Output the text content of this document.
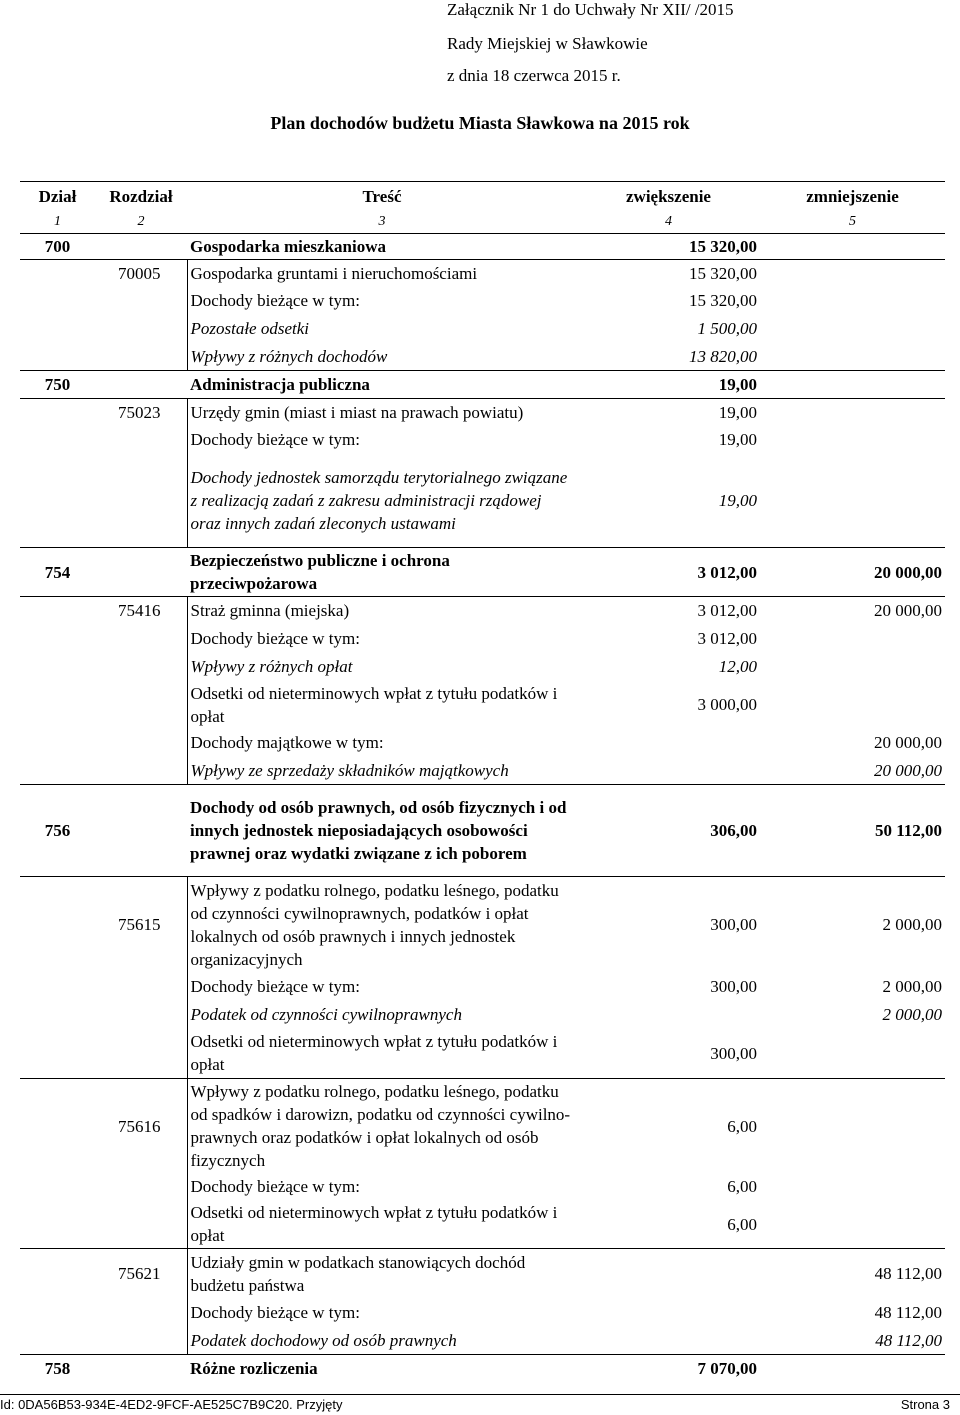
Załącznik Nr 1 do Uchwały Nr XII/ /2015
Rady Miejskiej w Sławkowie
z dnia 18 czerwca 2015 r.
Plan dochodów budżetu Miasta Sławkowa na 2015 rok
Dział	Rozdział	Treść	zwiększenie	zmniejszenie
1	2	3	4	5
700		Gospodarka mieszkaniowa	15 320,00	
	70005	Gospodarka gruntami i nieruchomościami	15 320,00	
		Dochody bieżące w tym:	15 320,00	
		Pozostałe odsetki	1 500,00	
		Wpływy z różnych dochodów	13 820,00	
750		Administracja publiczna	19,00	
	75023	Urzędy gmin (miast i miast na prawach powiatu)	19,00	
		Dochody bieżące w tym:	19,00	
		Dochody jednostek samorządu terytorialnego związane z realizacją zadań z zakresu administracji rządowej oraz innych zadań zleconych ustawami	19,00	
754		Bezpieczeństwo publiczne i ochrona przeciwpożarowa	3 012,00	20 000,00
	75416	Straż gminna (miejska)	3 012,00	20 000,00
		Dochody bieżące w tym:	3 012,00	
		Wpływy z różnych opłat	12,00	
		Odsetki od nieterminowych wpłat z tytułu podatków i opłat	3 000,00	
		Dochody majątkowe w tym:		20 000,00
		Wpływy ze sprzedaży składników majątkowych		20 000,00
756		Dochody od osób prawnych, od osób fizycznych i od innych jednostek nieposiadających osobowości prawnej oraz wydatki związane z ich poborem	306,00	50 112,00
	75615	Wpływy z podatku rolnego, podatku leśnego, podatku od czynności cywilnoprawnych, podatków i opłat lokalnych od osób prawnych i innych jednostek organizacyjnych	300,00	2 000,00
		Dochody bieżące w tym:	300,00	2 000,00
		Podatek od czynności cywilnoprawnych		2 000,00
		Odsetki od nieterminowych wpłat z tytułu podatków i opłat	300,00	
	75616	Wpływy z podatku rolnego, podatku leśnego, podatku od spadków i darowizn, podatku od czynności cywilno-prawnych oraz podatków i opłat lokalnych od osób fizycznych	6,00	
		Dochody bieżące w tym:	6,00	
		Odsetki od nieterminowych wpłat z tytułu podatków i opłat	6,00	
	75621	Udziały gmin w podatkach stanowiących dochód budżetu państwa		48 112,00
		Dochody bieżące w tym:		48 112,00
		Podatek dochodowy od osób prawnych		48 112,00
758		Różne rozliczenia	7 070,00	
Id: 0DA56B53-934E-4ED2-9FCF-AE525C7B9C20. Przyjęty	Strona 3
